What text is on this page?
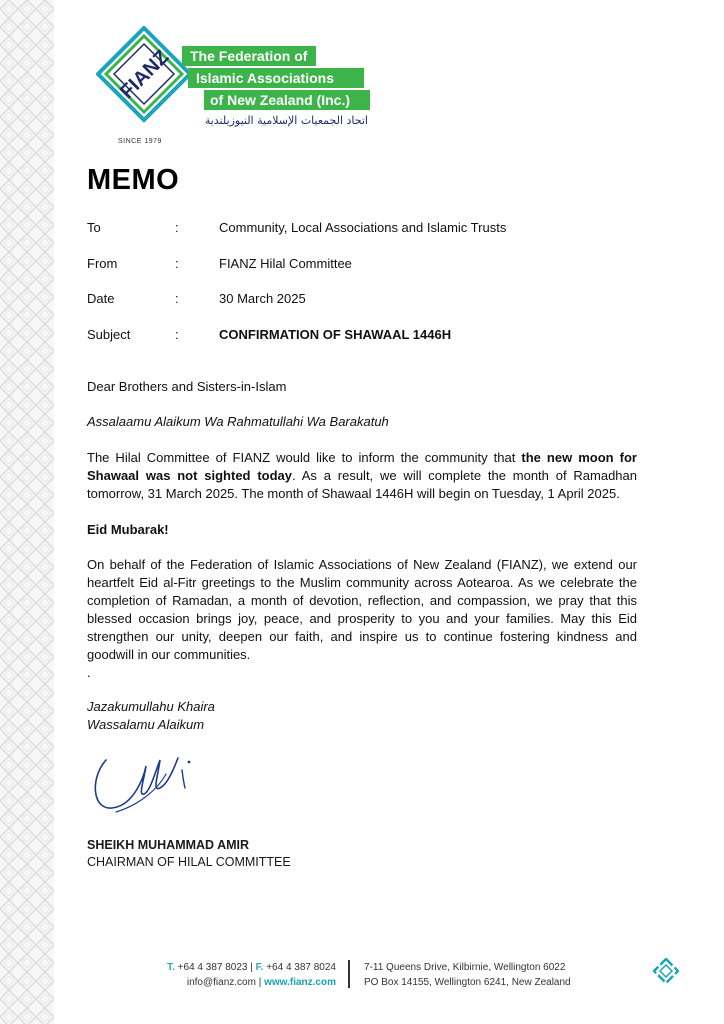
FIANZ The Federation of
Islamic Associations
of New Zealand (Inc.)
اتحاد الجمعيات الإسلامية النيوزيلندية
SINCE 1979
MEMO
To	:	Community, Local Associations and Islamic Trusts
From	:	FIANZ Hilal Committee
Date	:	30 March 2025
Subject	:	CONFIRMATION OF SHAWAAL 1446H
Dear Brothers and Sisters-in-Islam
Assalaamu Alaikum Wa Rahmatullahi Wa Barakatuh
The Hilal Committee of FIANZ would like to inform the community that the new moon for Shawaal was not sighted today. As a result, we will complete the month of Ramadhan tomorrow, 31 March 2025. The month of Shawaal 1446H will begin on Tuesday, 1 April 2025.
Eid Mubarak!
On behalf of the Federation of Islamic Associations of New Zealand (FIANZ), we extend our heartfelt Eid al-Fitr greetings to the Muslim community across Aotearoa. As we celebrate the completion of Ramadan, a month of devotion, reflection, and compassion, we pray that this blessed occasion brings joy, peace, and prosperity to you and your families. May this Eid strengthen our unity, deepen our faith, and inspire us to continue fostering kindness and goodwill in our communities.
.
Jazakumullahu Khaira
Wassalamu Alaikum
SHEIKH MUHAMMAD AMIR
CHAIRMAN OF HILAL COMMITTEE
T. +64 4 387 8023 | F. +64 4 387 8024
info@fianz.com | www.fianz.com
7-11 Queens Drive, Kilbirnie, Wellington 6022
PO Box 14155, Wellington 6241, New Zealand
